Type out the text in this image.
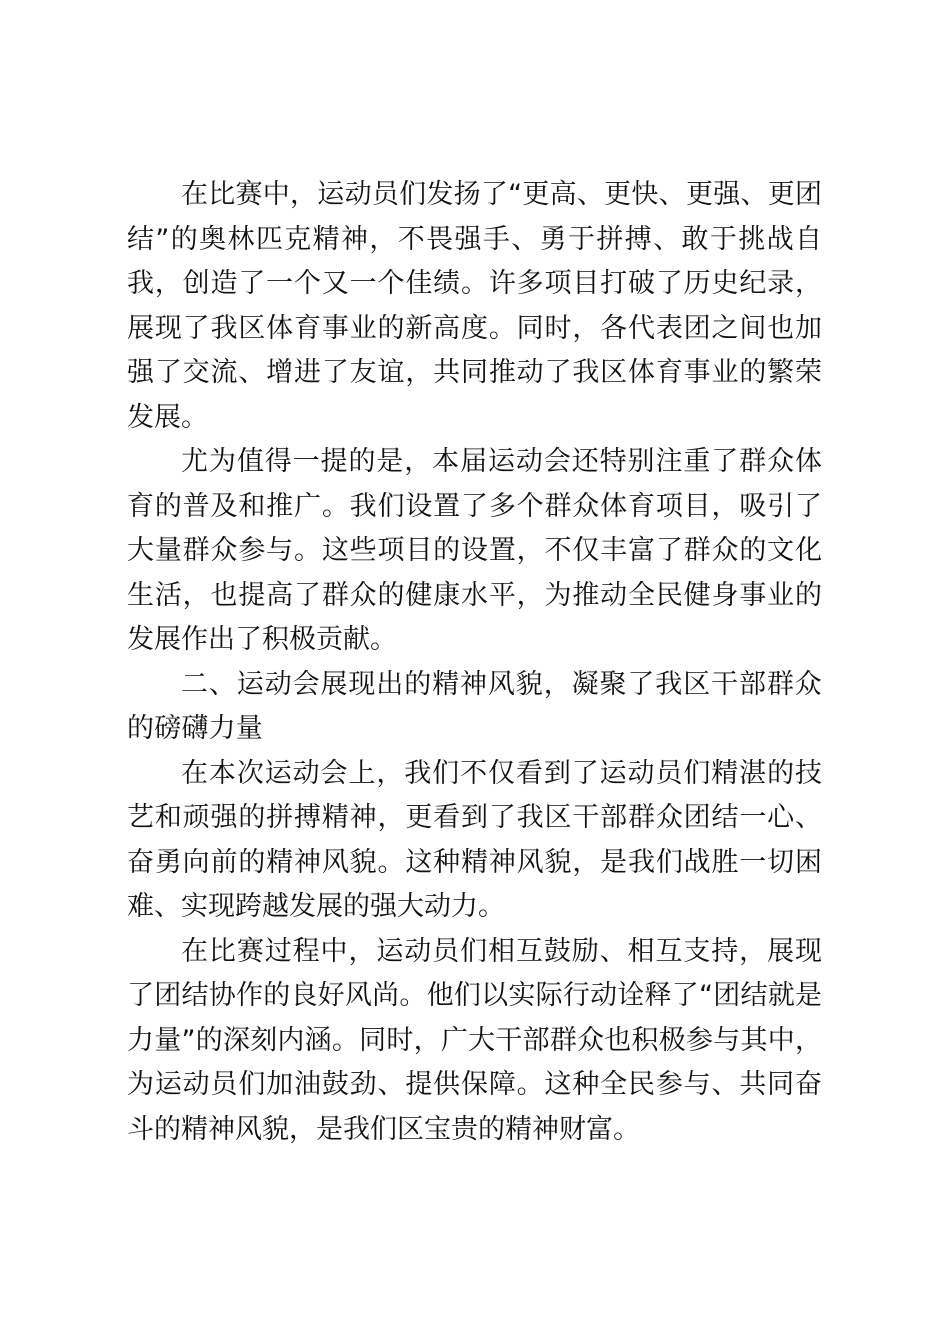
在比赛中，运动员们发扬了“更高、更快、更强、更团结”的奥林匹克精神，不畏强手、勇于拼搏、敢于挑战自我，创造了一个又一个佳绩。许多项目打破了历史纪录，展现了我区体育事业的新高度。同时，各代表团之间也加强了交流、增进了友谊，共同推动了我区体育事业的繁荣发展。

尤为值得一提的是，本届运动会还特别注重了群众体育的普及和推广。我们设置了多个群众体育项目，吸引了大量群众参与。这些项目的设置，不仅丰富了群众的文化生活，也提高了群众的健康水平，为推动全民健身事业的发展作出了积极贡献。

二、运动会展现出的精神风貌，凝聚了我区干部群众的磅礴力量

在本次运动会上，我们不仅看到了运动员们精湛的技艺和顽强的拼搏精神，更看到了我区干部群众团结一心、奋勇向前的精神风貌。这种精神风貌，是我们战胜一切困难、实现跨越发展的强大动力。

在比赛过程中，运动员们相互鼓励、相互支持，展现了团结协作的良好风尚。他们以实际行动诠释了“团结就是力量”的深刻内涵。同时，广大干部群众也积极参与其中，为运动员们加油鼓劲、提供保障。这种全民参与、共同奋斗的精神风貌，是我们区宝贵的精神财富。
